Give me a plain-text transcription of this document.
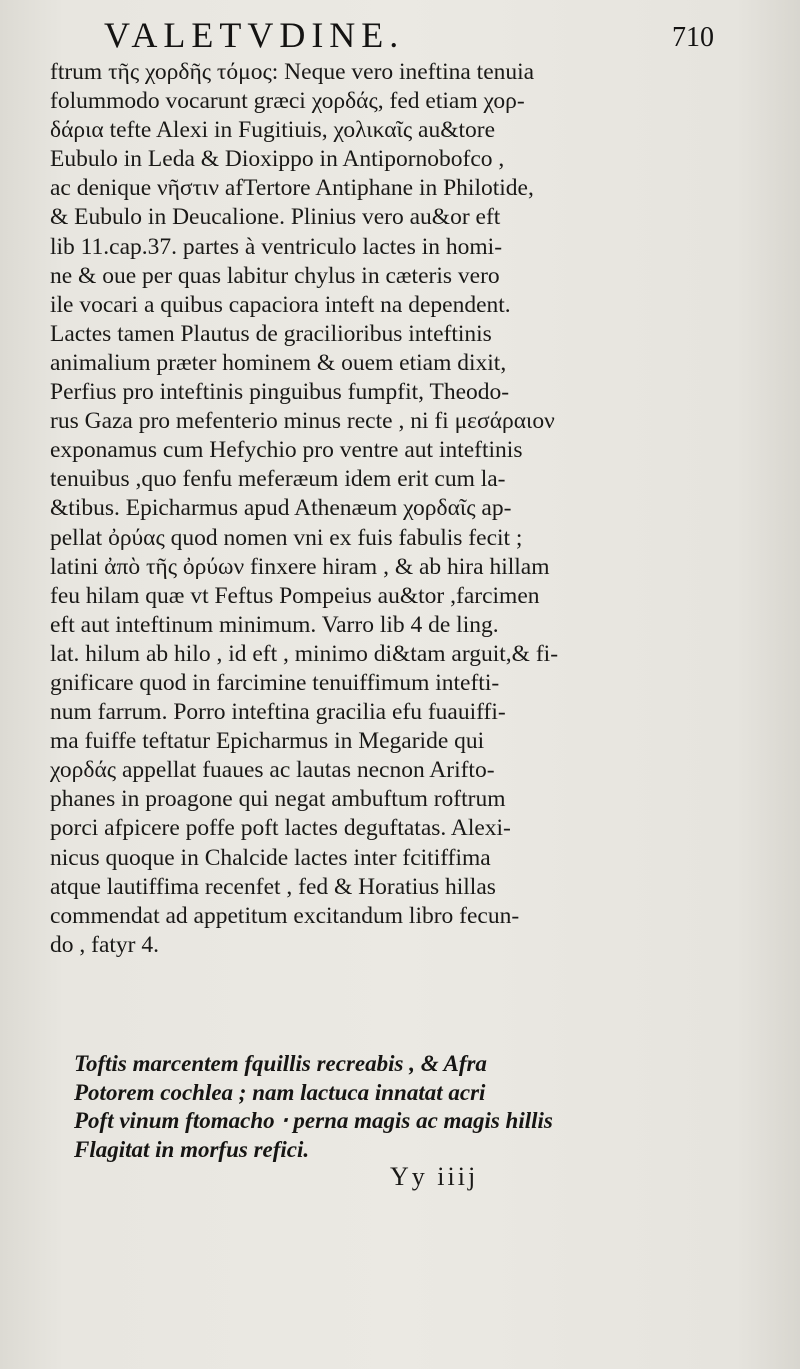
VALETVDINE.	710
ftrum τῆς χορδῆς τόμος: Neque vero ineftina tenuia
folummodo vocarunt græci χορδάς, fed etiam χορ-
δάρια tefte Alexi in Fugitiuis, χολικαῖς au&tore
Eubulo in Leda & Dioxippo in Antipornobofco ,
ac denique νῆστιν afTertore Antiphane in Philotide,
& Eubulo in Deucalione. Plinius vero au&or eft
lib 11.cap.37. partes à ventriculo lactes in homi-
ne & oue per quas labitur chylus in cæteris vero
ile vocari a quibus capaciora inteft na dependent.
Lactes tamen Plautus de gracilioribus inteftinis
animalium præter hominem & ouem etiam dixit,
Perfius pro inteftinis pinguibus fumpfit, Theodo-
rus Gaza pro mefenterio minus recte , ni fi μεσάραιον
exponamus cum Hefychio pro ventre aut inteftinis
tenuibus ,quo fenfu meferæum idem erit cum la-
&tibus. Epicharmus apud Athenæum χορδαῖς ap-
pellat ὀρύας quod nomen vni ex fuis fabulis fecit ;
latini ἀπὸ τῆς ὀρύων finxere hiram , & ab hira hillam
feu hilam quæ vt Feftus Pompeius au&tor ,farcimen
eft aut inteftinum minimum. Varro lib 4 de ling.
lat. hilum ab hilo , id eft , minimo di&tam arguit,& fi-
gnificare quod in farcimine tenuiffimum intefti-
num farrum. Porro inteftina gracilia efu fuauiffi-
ma fuiffe teftatur Epicharmus in Megaride qui
χορδάς appellat fuaues ac lautas necnon Arifto-
phanes in proagone qui negat ambuftum roftrum
porci afpicere poffe poft lactes deguftatas. Alexi-
nicus quoque in Chalcide lactes inter fcitiffima
atque lautiffima recenfet , fed & Horatius hillas
commendat ad appetitum excitandum libro fecun-
do , fatyr 4.
Toftis marcentem fquillis recreabis , & Afra
Potorem cochlea ; nam lactuca innatat acri
Poft vinum ftomacho ⋅ perna magis ac magis hillis
Flagitat in morfus refici.
Yy iiij
